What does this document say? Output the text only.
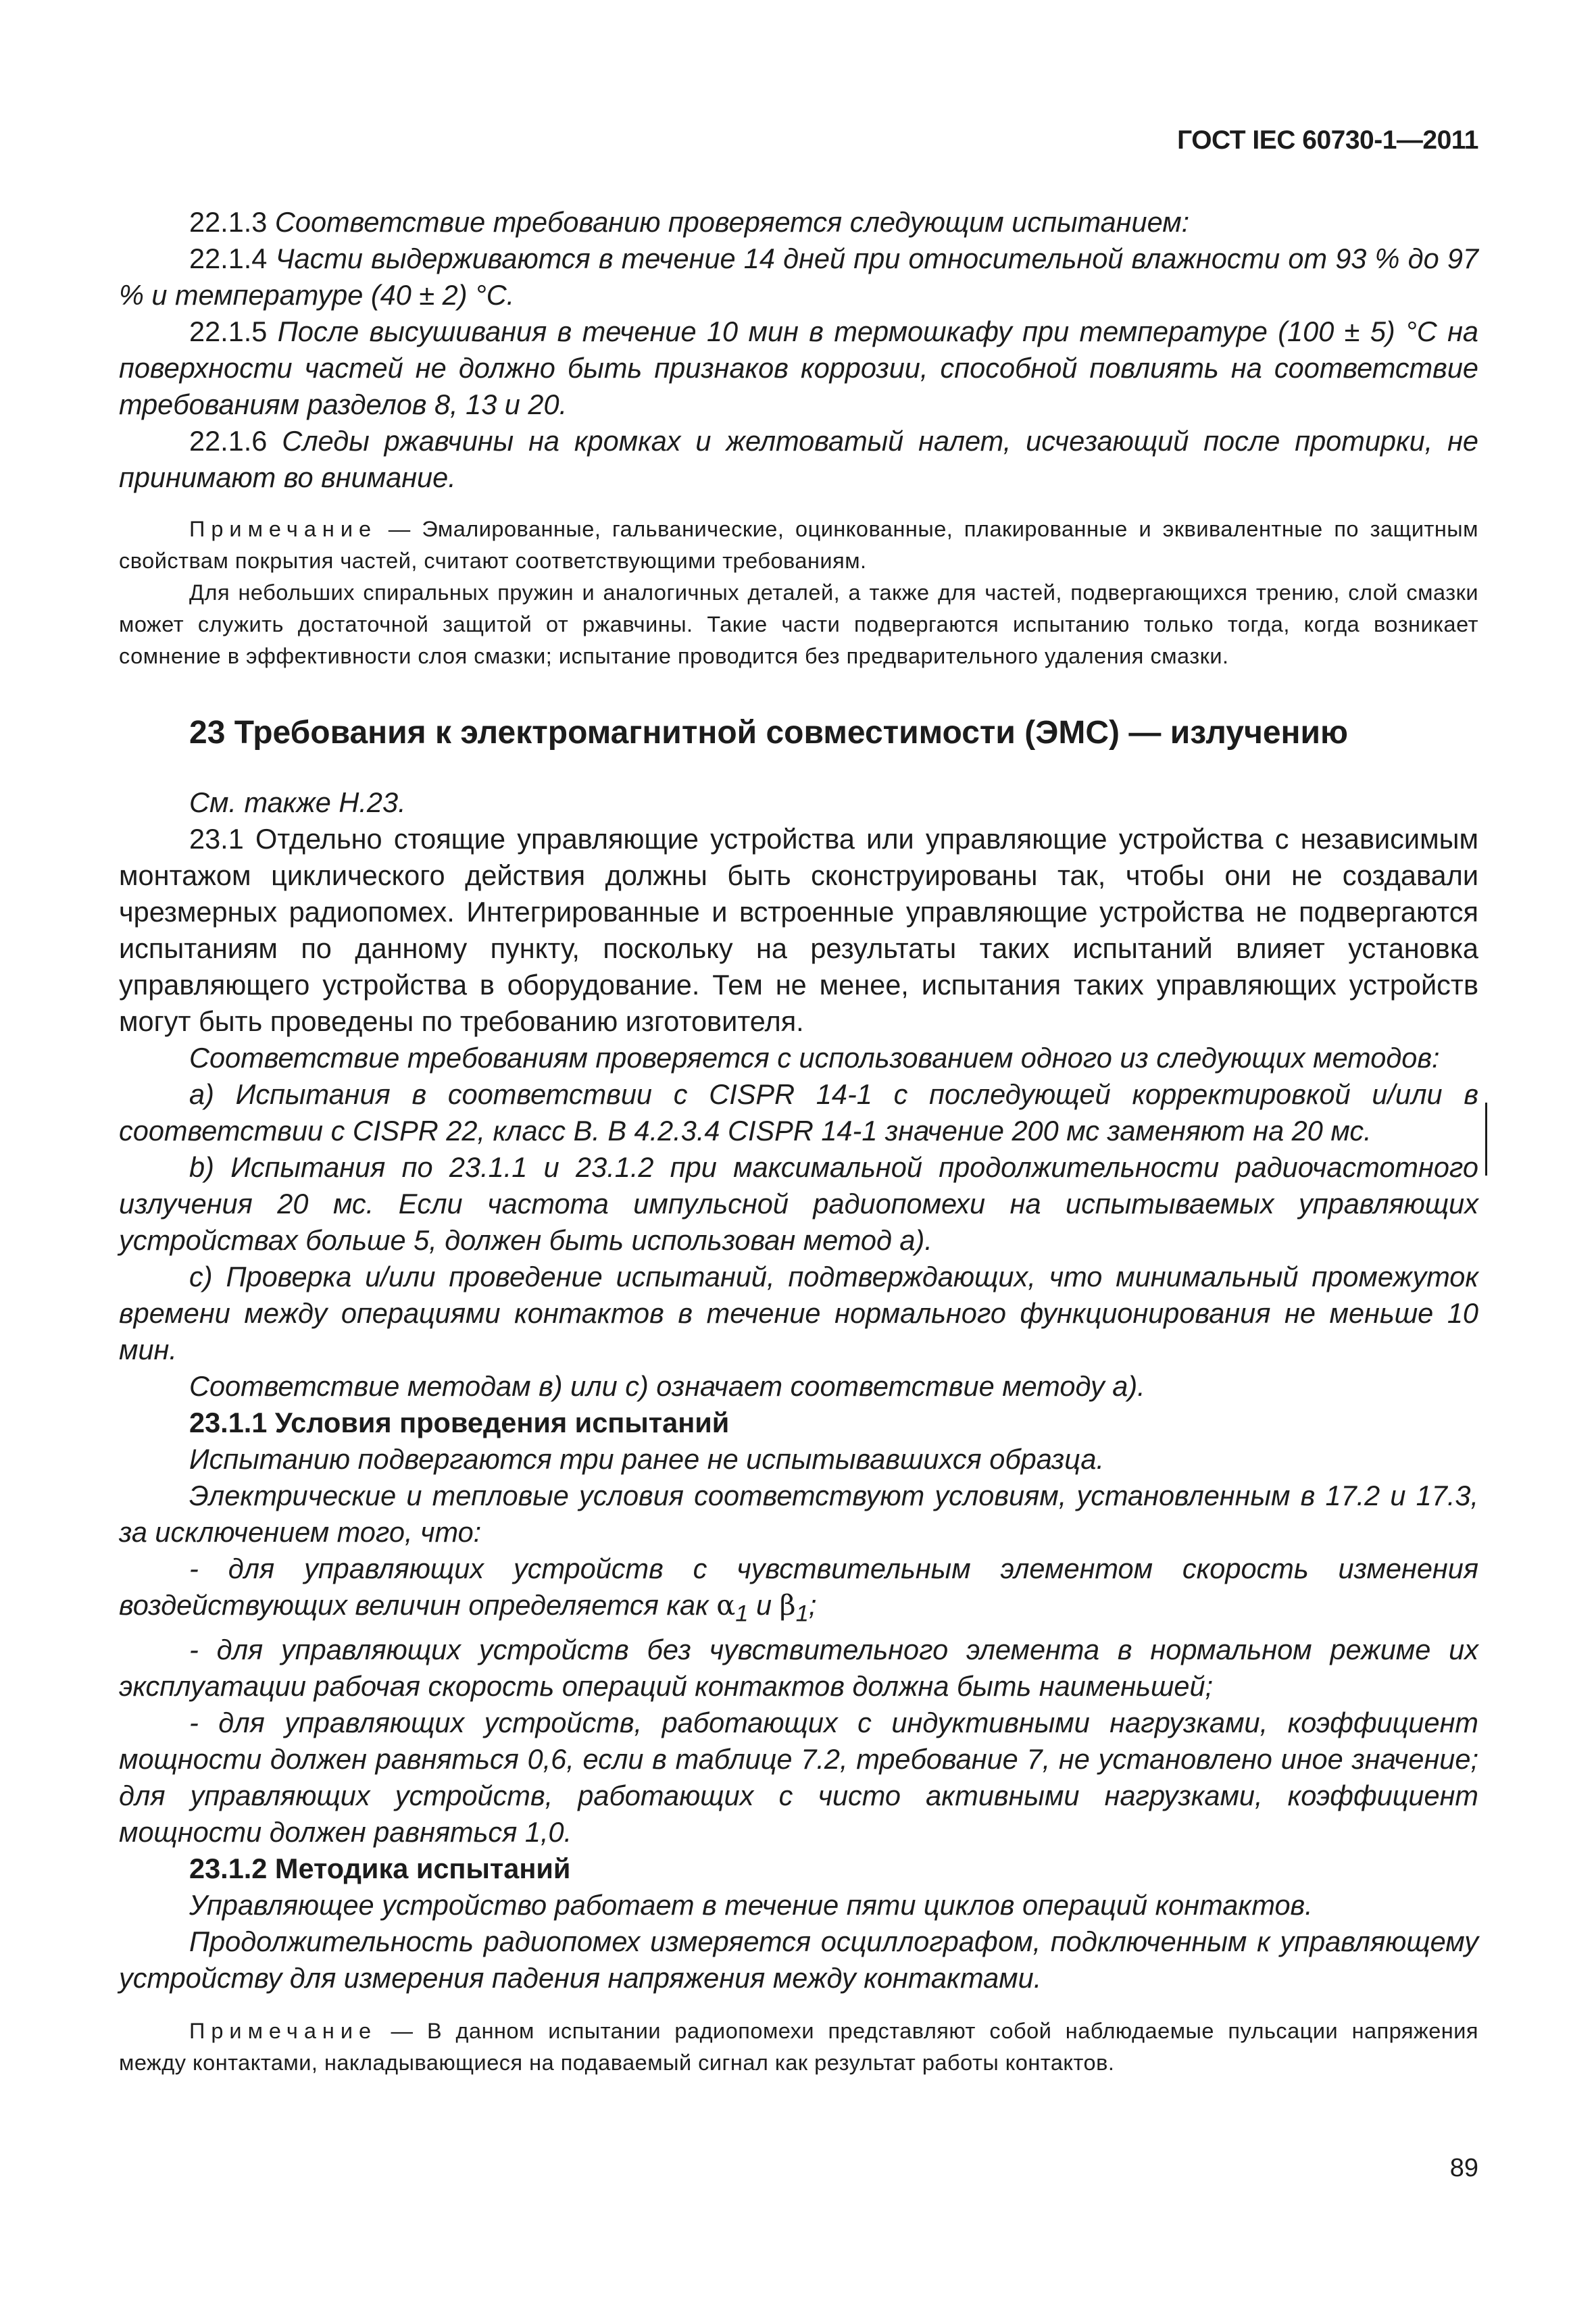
ГОСТ IEC 60730-1—2011

22.1.3 Соответствие требованию проверяется следующим испытанием:

22.1.4 Части выдерживаются в течение 14 дней при относительной влажности от 93 % до 97 % и температуре (40 ± 2) °С.

22.1.5 После высушивания в течение 10 мин в термошкафу при температуре (100 ± 5) °С на поверхности частей не должно быть признаков коррозии, способной повлиять на соответствие требованиям разделов 8, 13 и 20.

22.1.6 Следы ржавчины на кромках и желтоватый налет, исчезающий после протирки, не принимают во внимание.

Примечание — Эмалированные, гальванические, оцинкованные, плакированные и эквивалентные по защитным свойствам покрытия частей, считают соответствующими требованиям.

Для небольших спиральных пружин и аналогичных деталей, а также для частей, подвергающихся трению, слой смазки может служить достаточной защитой от ржавчины. Такие части подвергаются испытанию только тогда, когда возникает сомнение в эффективности слоя смазки; испытание проводится без предварительного удаления смазки.

23 Требования к электромагнитной совместимости (ЭМС) — излучению

См. также Н.23.

23.1 Отдельно стоящие управляющие устройства или управляющие устройства с независимым монтажом циклического действия должны быть сконструированы так, чтобы они не создавали чрезмерных радиопомех. Интегрированные и встроенные управляющие устройства не подвергаются испытаниям по данному пункту, поскольку на результаты таких испытаний влияет установка управляющего устройства в оборудование. Тем не менее, испытания таких управляющих устройств могут быть проведены по требованию изготовителя.

Соответствие требованиям проверяется с использованием одного из следующих методов:

а) Испытания в соответствии с CISPR 14-1 с последующей корректировкой и/или в соответствии с CISPR 22, класс В. В 4.2.3.4 CISPR 14-1 значение 200 мс заменяют на 20 мс.

b) Испытания по 23.1.1 и 23.1.2 при максимальной продолжительности радиочастотного излучения 20 мс. Если частота импульсной радиопомехи на испытываемых управляющих устройствах больше 5, должен быть использован метод а).

с) Проверка и/или проведение испытаний, подтверждающих, что минимальный промежуток времени между операциями контактов в течение нормального функционирования не меньше 10 мин.

Соответствие методам в) или с) означает соответствие методу а).

23.1.1 Условия проведения испытаний

Испытанию подвергаются три ранее не испытывавшихся образца.

Электрические и тепловые условия соответствуют условиям, установленным в 17.2 и 17.3, за исключением того, что:

- для управляющих устройств с чувствительным элементом скорость изменения воздействующих величин определяется как $\alpha_1$ и $\beta_1$;

- для управляющих устройств без чувствительного элемента в нормальном режиме их эксплуатации рабочая скорость операций контактов должна быть наименьшей;

- для управляющих устройств, работающих с индуктивными нагрузками, коэффициент мощности должен равняться 0,6, если в таблице 7.2, требование 7, не установлено иное значение; для управляющих устройств, работающих с чисто активными нагрузками, коэффициент мощности должен равняться 1,0.

23.1.2 Методика испытаний

Управляющее устройство работает в течение пяти циклов операций контактов.

Продолжительность радиопомех измеряется осциллографом, подключенным к управляющему устройству для измерения падения напряжения между контактами.

Примечание — В данном испытании радиопомехи представляют собой наблюдаемые пульсации напряжения между контактами, накладывающиеся на подаваемый сигнал как результат работы контактов.

89
